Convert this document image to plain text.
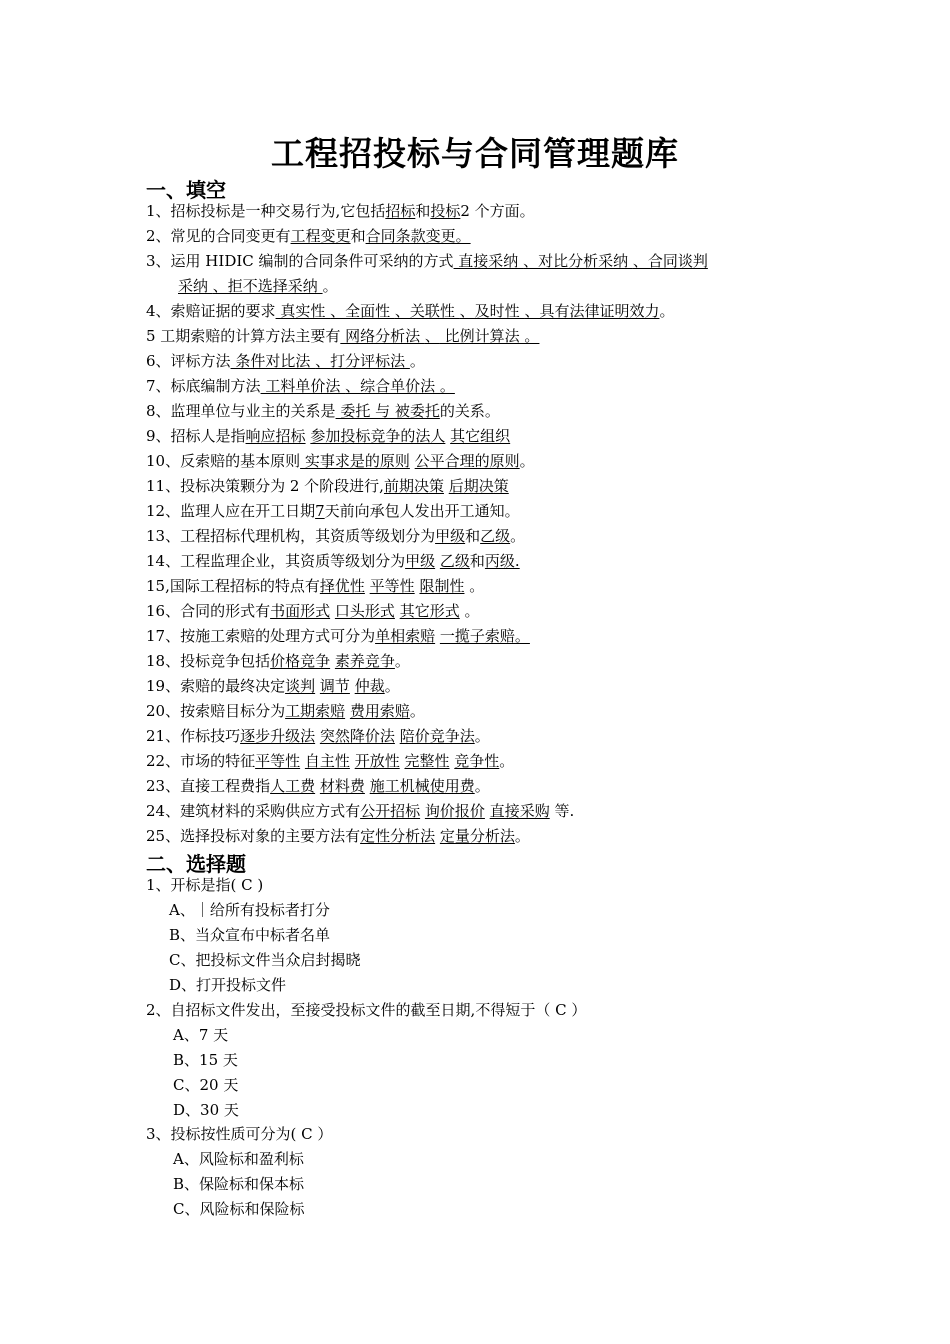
工程招投标与合同管理题库
一、填空
1、招标投标是一种交易行为,它包括招标和投标2 个方面。
2、常见的合同变更有工程变更和合同条款变更。
3、运用 HIDIC 编制的合同条件可采纳的方式 直接采纳 、对比分析采纳 、合同谈判
采纳 、拒不选择采纳 。
4、索赔证据的要求 真实性 、全面性 、关联性 、及时性 、具有法律证明效力。
5 工期索赔的计算方法主要有 网络分析法 、 比例计算法 。
6、评标方法 条件对比法 、打分评标法 。
7、标底编制方法 工料单价法 、综合单价法 。
8、监理单位与业主的关系是 委托 与 被委托的关系。
9、招标人是指响应招标 参加投标竞争的法人 其它组织
10、反索赔的基本原则 实事求是的原则 公平合理的原则。
11、投标决策颗分为 2 个阶段进行,前期决策 后期决策
12、监理人应在开工日期7天前向承包人发出开工通知。
13、工程招标代理机构，其资质等级划分为甲级和乙级。
14、工程监理企业，其资质等级划分为甲级 乙级和丙级.
15,国际工程招标的特点有择优性 平等性 限制性 。
16、合同的形式有书面形式 口头形式 其它形式 。
17、按施工索赔的处理方式可分为单相索赔 一揽子索赔。
18、投标竞争包括价格竞争 素养竞争。
19、索赔的最终决定谈判 调节 仲裁。
20、按索赔目标分为工期索赔 费用索赔。
21、作标技巧逐步升级法 突然降价法 陪价竞争法。
22、市场的特征平等性 自主性 开放性 完整性 竞争性。
23、直接工程费指人工费 材料费 施工机械使用费。
24、建筑材料的采购供应方式有公开招标 询价报价 直接采购 等.
25、选择投标对象的主要方法有定性分析法 定量分析法。
二、选择题
1、开标是指( C )
A、｜给所有投标者打分
B、当众宣布中标者名单
C、把投标文件当众启封揭晓
D、打开投标文件
2、自招标文件发出，至接受投标文件的截至日期,不得短于（ C ）
A、7 天
B、15 天
C、20 天
D、30 天
3、投标按性质可分为( C ）
A、风险标和盈利标
B、保险标和保本标
C、风险标和保险标
